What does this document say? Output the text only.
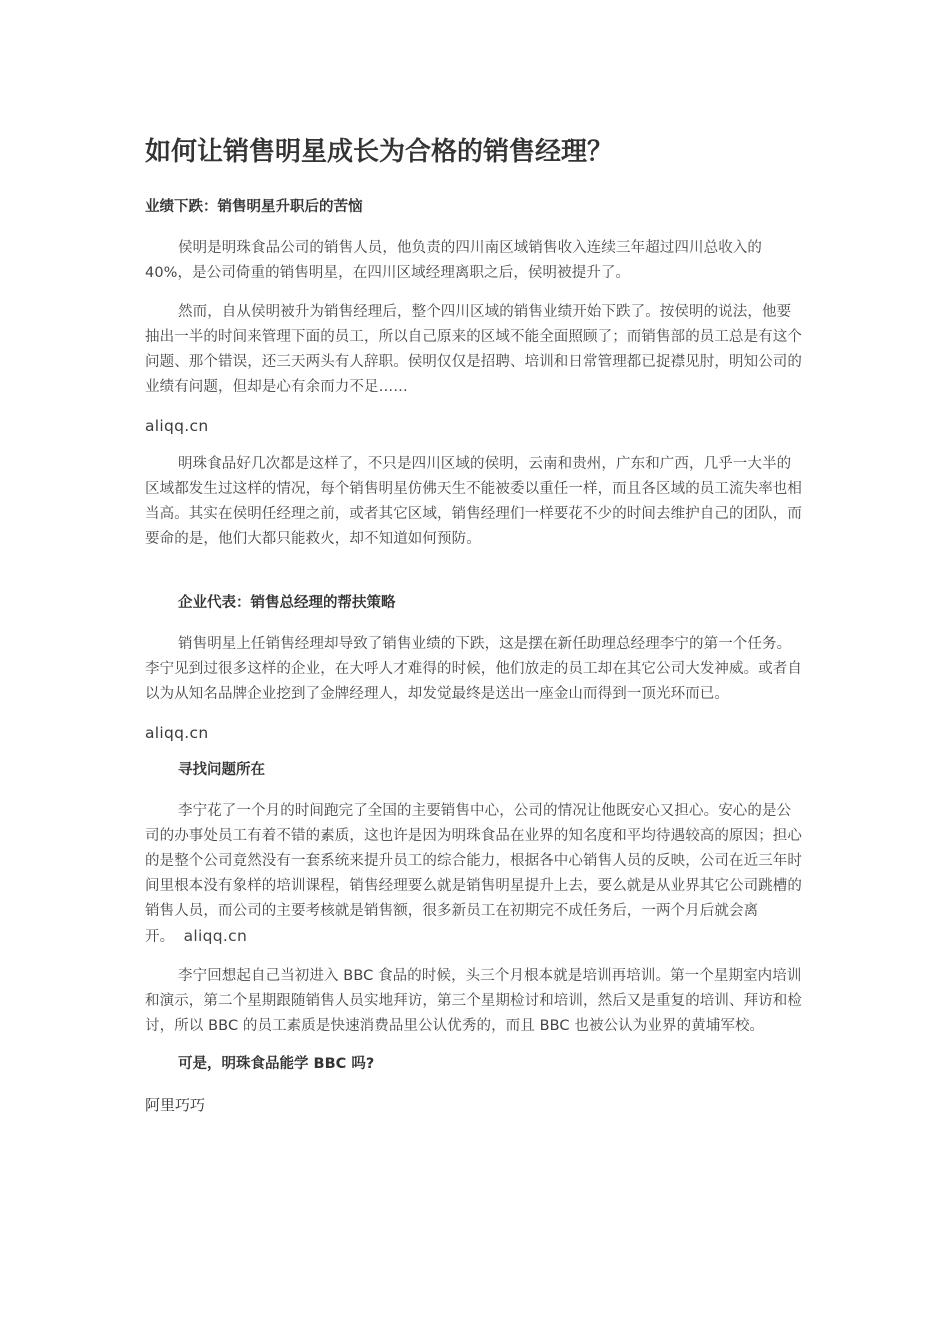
如何让销售明星成长为合格的销售经理？
业绩下跌：销售明星升职后的苦恼

侯明是明珠食品公司的销售人员，他负责的四川南区域销售收入连续三年超过四川总收入的 40%，是公司倚重的销售明星，在四川区域经理离职之后，侯明被提升了。

然而，自从侯明被升为销售经理后，整个四川区域的销售业绩开始下跌了。按侯明的说法，他要抽出一半的时间来管理下面的员工，所以自己原来的区域不能全面照顾了；而销售部的员工总是有这个问题、那个错误，还三天两头有人辞职。侯明仅仅是招聘、培训和日常管理都已捉襟见肘，明知公司的业绩有问题，但却是心有余而力不足……

aliqq.cn

明珠食品好几次都是这样了，不只是四川区域的侯明，云南和贵州，广东和广西，几乎一大半的区域都发生过这样的情况，每个销售明星仿佛天生不能被委以重任一样，而且各区域的员工流失率也相当高。其实在侯明任经理之前，或者其它区域，销售经理们一样要花不少的时间去维护自己的团队，而要命的是，他们大都只能救火，却不知道如何预防。

企业代表：销售总经理的帮扶策略

销售明星上任销售经理却导致了销售业绩的下跌，这是摆在新任助理总经理李宁的第一个任务。李宁见到过很多这样的企业，在大呼人才难得的时候，他们放走的员工却在其它公司大发神威。或者自以为从知名品牌企业挖到了金牌经理人，却发觉最终是送出一座金山而得到一顶光环而已。

aliqq.cn
寻找问题所在

李宁花了一个月的时间跑完了全国的主要销售中心，公司的情况让他既安心又担心。安心的是公司的办事处员工有着不错的素质，这也许是因为明珠食品在业界的知名度和平均待遇较高的原因；担心的是整个公司竟然没有一套系统来提升员工的综合能力，根据各中心销售人员的反映，公司在近三年时间里根本没有象样的培训课程，销售经理要么就是销售明星提升上去，要么就是从业界其它公司跳槽的销售人员，而公司的主要考核就是销售额，很多新员工在初期完不成任务后，一两个月后就会离开。 aliqq.cn

李宁回想起自己当初进入 BBC 食品的时候，头三个月根本就是培训再培训。第一个星期室内培训和演示，第二个星期跟随销售人员实地拜访，第三个星期检讨和培训，然后又是重复的培训、拜访和检讨，所以 BBC 的员工素质是快速消费品里公认优秀的，而且 BBC 也被公认为业界的黄埔军校。

可是，明珠食品能学 BBC 吗?
阿里巧巧
